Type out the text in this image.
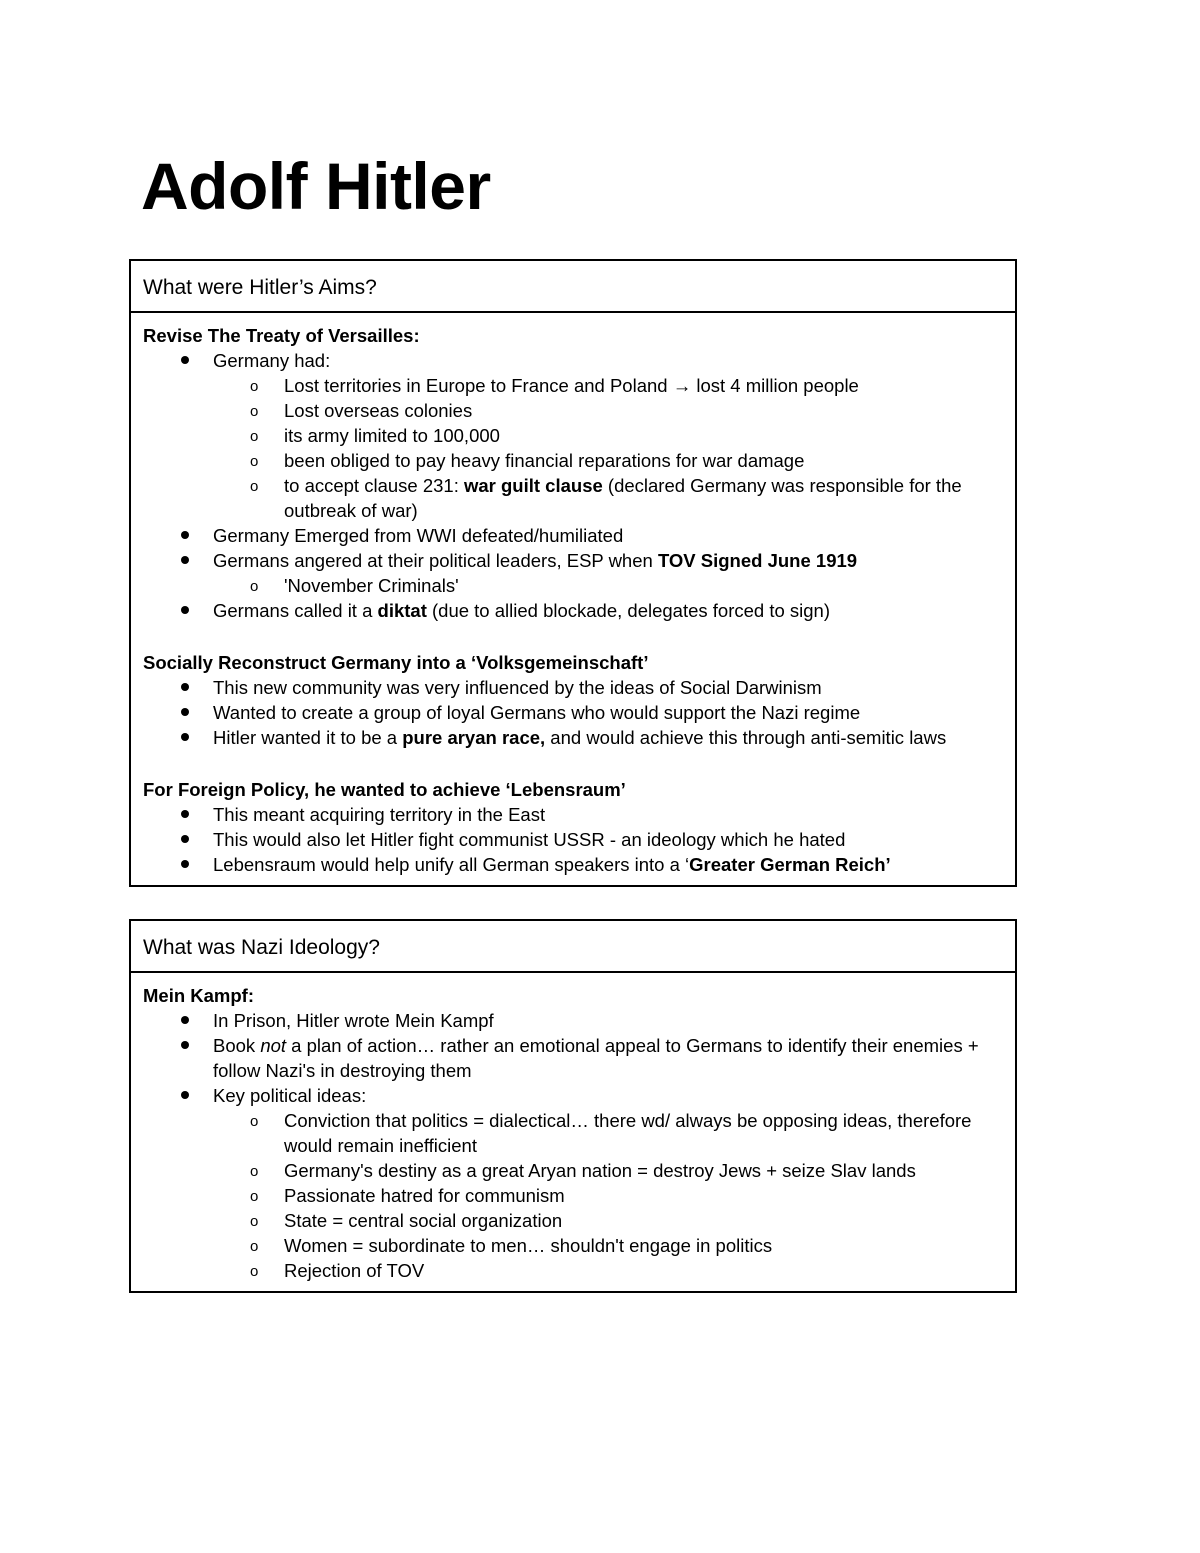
Adolf Hitler
What were Hitler’s Aims?

Revise The Treaty of Versailles:

Germany had:
o Lost territories in Europe to France and Poland → lost 4 million people
o Lost overseas colonies
o its army limited to 100,000
o been obliged to pay heavy financial reparations for war damage
o to accept clause 231: war guilt clause (declared Germany was responsible for the outbreak of war)
Germany Emerged from WWI defeated/humiliated
Germans angered at their political leaders, ESP when TOV Signed June 1919
o 'November Criminals'
Germans called it a diktat (due to allied blockade, delegates forced to sign)

Socially Reconstruct Germany into a ‘Volksgemeinschaft’

This new community was very influenced by the ideas of Social Darwinism
Wanted to create a group of loyal Germans who would support the Nazi regime
Hitler wanted it to be a pure aryan race, and would achieve this through anti-semitic laws

For Foreign Policy, he wanted to achieve ‘Lebensraum’

This meant acquiring territory in the East
This would also let Hitler fight communist USSR - an ideology which he hated
Lebensraum would help unify all German speakers into a ‘Greater German Reich’
What was Nazi Ideology?

Mein Kampf:

In Prison, Hitler wrote Mein Kampf
Book not a plan of action… rather an emotional appeal to Germans to identify their enemies + follow Nazi's in destroying them
Key political ideas:
o Conviction that politics = dialectical… there wd/ always be opposing ideas, therefore would remain inefficient
o Germany's destiny as a great Aryan nation = destroy Jews + seize Slav lands
o Passionate hatred for communism
o State = central social organization
o Women = subordinate to men… shouldn't engage in politics
o Rejection of TOV
